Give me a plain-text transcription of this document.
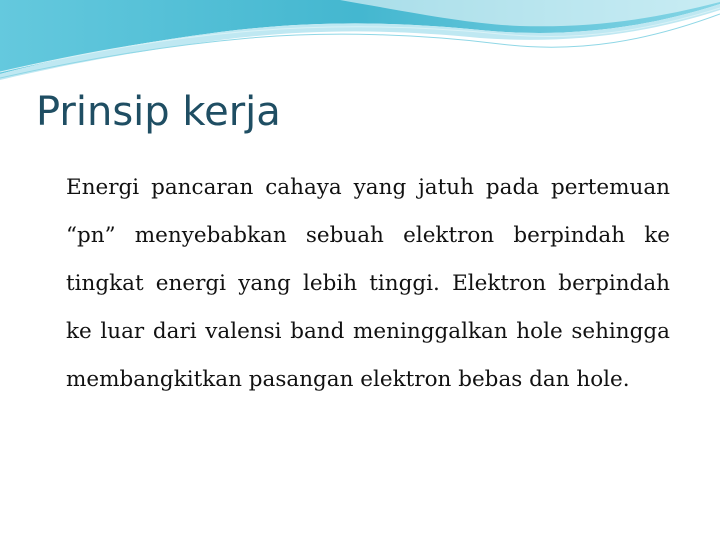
Prinsip kerja

Energi pancaran cahaya yang jatuh pada pertemuan “pn” menyebabkan sebuah elektron berpindah ke tingkat energi yang lebih tinggi. Elektron berpindah ke luar dari valensi band meninggalkan hole sehingga membangkitkan pasangan elektron bebas dan hole.
